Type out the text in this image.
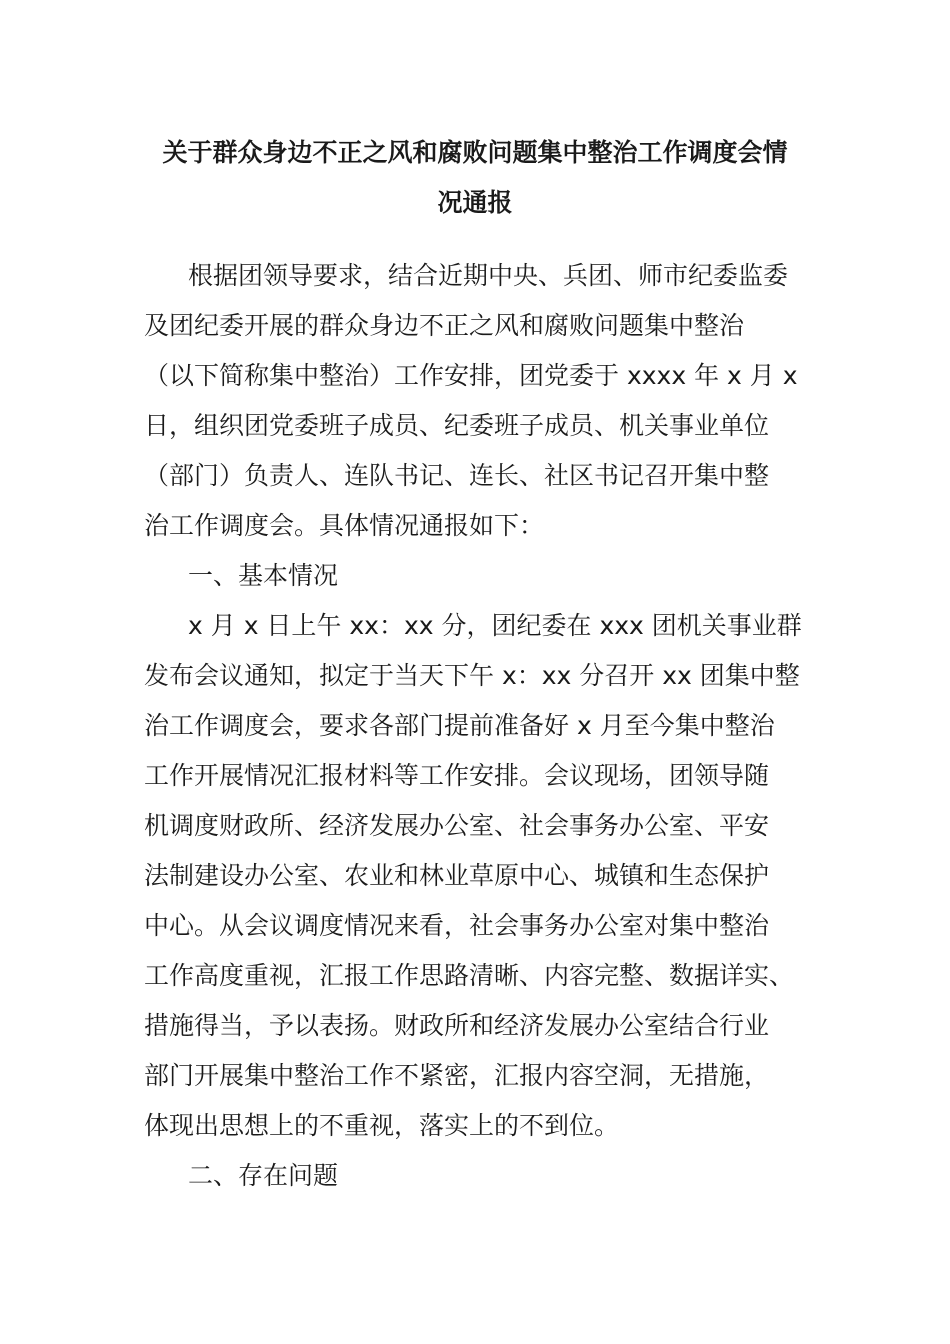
关于群众身边不正之风和腐败问题集中整治工作调度会情
况通报

根据团领导要求，结合近期中央、兵团、师市纪委监委
及团纪委开展的群众身边不正之风和腐败问题集中整治
（以下简称集中整治）工作安排，团党委于 xxxx 年 x 月 x
日，组织团党委班子成员、纪委班子成员、机关事业单位
（部门）负责人、连队书记、连长、社区书记召开集中整
治工作调度会。具体情况通报如下：

一、基本情况

x 月 x 日上午 xx：xx 分，团纪委在 xxx 团机关事业群
发布会议通知，拟定于当天下午 x：xx 分召开 xx 团集中整
治工作调度会，要求各部门提前准备好 x 月至今集中整治
工作开展情况汇报材料等工作安排。会议现场，团领导随
机调度财政所、经济发展办公室、社会事务办公室、平安
法制建设办公室、农业和林业草原中心、城镇和生态保护
中心。从会议调度情况来看，社会事务办公室对集中整治
工作高度重视，汇报工作思路清晰、内容完整、数据详实、
措施得当，予以表扬。财政所和经济发展办公室结合行业
部门开展集中整治工作不紧密，汇报内容空洞，无措施，
体现出思想上的不重视，落实上的不到位。

二、存在问题
